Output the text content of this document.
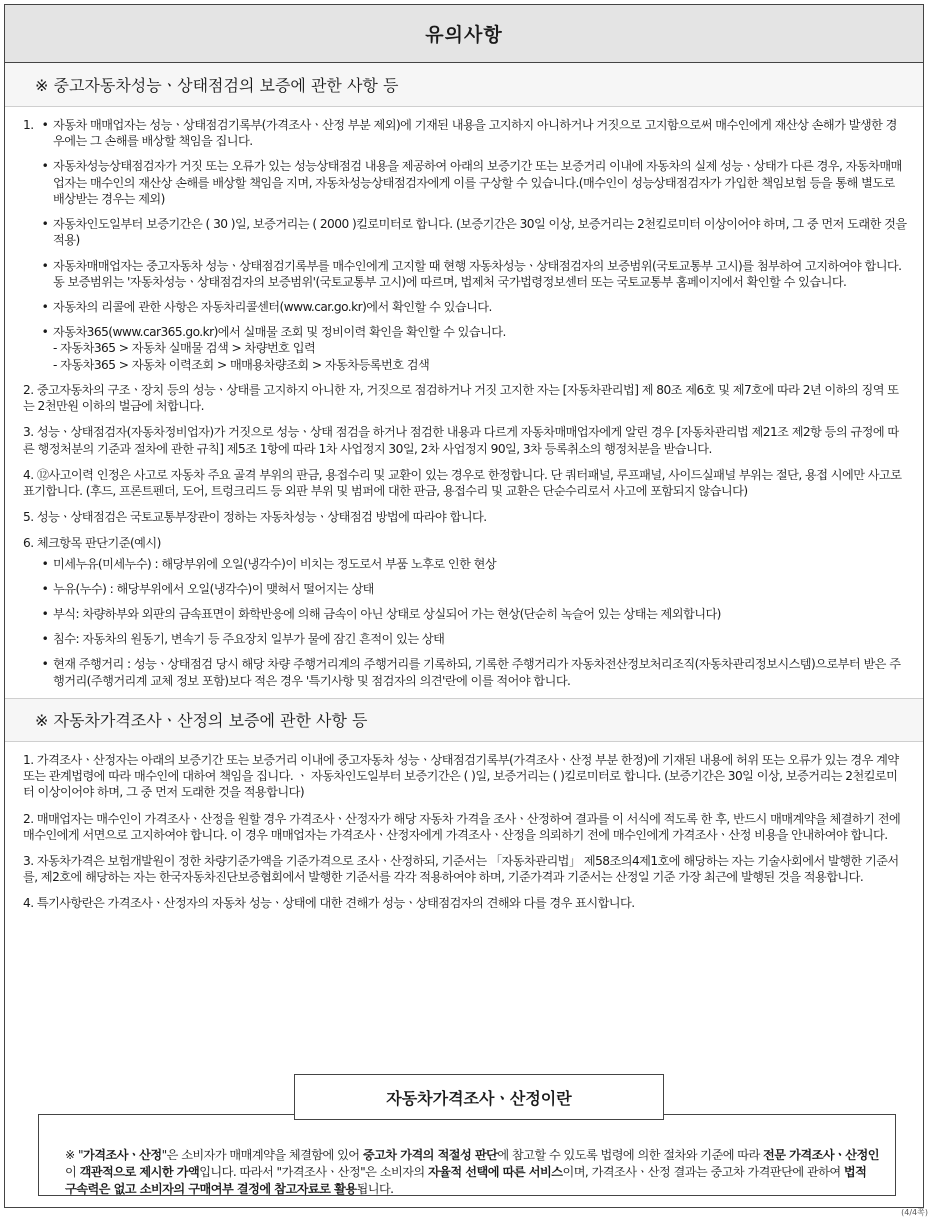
유의사항
※ 중고자동차성능ㆍ상태점검의 보증에 관한 사항 등
1. • 자동차 매매업자는 성능ㆍ상태점검기록부(가격조사ㆍ산정 부분 제외)에 기재된 내용을 고지하지 아니하거나 거짓으로 고지함으로써 매수인에게 재산상 손해가 발생한 경우에는 그 손해를 배상할 책임을 집니다.
• 자동차성능상태점검자가 거짓 또는 오류가 있는 성능상태점검 내용을 제공하여 아래의 보증기간 또는 보증거리 이내에 자동차의 실제 성능ㆍ상태가 다른 경우, 자동차매매업자는 매수인의 재산상 손해를 배상할 책임을 지며, 자동차성능상태점검자에게 이를 구상할 수 있습니다.(매수인이 성능상태점검자가 가입한 책임보험 등을 통해 별도로 배상받는 경우는 제외)
• 자동차인도일부터 보증기간은 ( 30 )일, 보증거리는 ( 2000 )킬로미터로 합니다. (보증기간은 30일 이상, 보증거리는 2천킬로미터 이상이어야 하며, 그 중 먼저 도래한 것을 적용)
• 자동차매매업자는 중고자동차 성능ㆍ상태점검기록부를 매수인에게 고지할 때 현행 자동차성능ㆍ상태점검자의 보증범위(국토교통부 고시)를 첨부하여 고지하여야 합니다. 동 보증범위는 '자동차성능ㆍ상태점검자의 보증범위'(국토교통부 고시)에 따르며, 법제처 국가법령정보센터 또는 국토교통부 홈페이지에서 확인할 수 있습니다.
• 자동차의 리콜에 관한 사항은 자동차리콜센터(www.car.go.kr)에서 확인할 수 있습니다.
• 자동차365(www.car365.go.kr)에서 실매물 조회 및 정비이력 확인을 확인할 수 있습니다.
- 자동차365 > 자동차 실매물 검색 > 차량번호 입력
- 자동차365 > 자동차 이력조회 > 매매용차량조회 > 자동차등록번호 검색
2. 중고자동차의 구조ㆍ장치 등의 성능ㆍ상태를 고지하지 아니한 자, 거짓으로 점검하거나 거짓 고지한 자는 [자동차관리법] 제 80조 제6호 및 제7호에 따라 2년 이하의 징역 또는 2천만원 이하의 벌금에 처합니다.
3. 성능ㆍ상태점검자(자동차정비업자)가 거짓으로 성능ㆍ상태 점검을 하거나 점검한 내용과 다르게 자동차매매업자에게 알린 경우 [자동차관리법 제21조 제2항 등의 규정에 따른 행정처분의 기준과 절차에 관한 규칙] 제5조 1항에 따라 1차 사업정지 30일, 2차 사업정지 90일, 3차 등록취소의 행정처분을 받습니다.
4. ⑫사고이력 인정은 사고로 자동차 주요 골격 부위의 판금, 용접수리 및 교환이 있는 경우로 한정합니다. 단 쿼터패널, 루프패널, 사이드실패널 부위는 절단, 용접 시에만 사고로 표기합니다. (후드, 프론트펜더, 도어, 트렁크리드 등 외판 부위 및 범퍼에 대한 판금, 용접수리 및 교환은 단순수리로서 사고에 포함되지 않습니다)
5. 성능ㆍ상태점검은 국토교통부장관이 정하는 자동차성능ㆍ상태점검 방법에 따라야 합니다.
6. 체크항목 판단기준(예시)
• 미세누유(미세누수) : 해당부위에 오일(냉각수)이 비치는 정도로서 부품 노후로 인한 현상
• 누유(누수) : 해당부위에서 오일(냉각수)이 맺혀서 떨어지는 상태
• 부식: 차량하부와 외판의 금속표면이 화학반응에 의해 금속이 아닌 상태로 상실되어 가는 현상(단순히 녹슬어 있는 상태는 제외합니다)
• 침수: 자동차의 원동기, 변속기 등 주요장치 일부가 물에 잠긴 흔적이 있는 상태
• 현재 주행거리 : 성능ㆍ상태점검 당시 해당 차량 주행거리계의 주행거리를 기록하되, 기록한 주행거리가 자동차전산정보처리조직(자동차관리정보시스템)으로부터 받은 주행거리(주행거리계 교체 정보 포함)보다 적은 경우 '특기사항 및 점검자의 의견'란에 이를 적어야 합니다.
※ 자동차가격조사ㆍ산정의 보증에 관한 사항 등
1. 가격조사ㆍ산정자는 아래의 보증기간 또는 보증거리 이내에 중고자동차 성능ㆍ상태점검기록부(가격조사ㆍ산정 부분 한정)에 기재된 내용에 허위 또는 오류가 있는 경우 계약 또는 관계법령에 따라 매수인에 대하여 책임을 집니다. ㆍ 자동차인도일부터 보증기간은 ( )일, 보증거리는 ( )킬로미터로 합니다. (보증기간은 30일 이상, 보증거리는 2천킬로미터 이상이어야 하며, 그 중 먼저 도래한 것을 적용합니다)
2. 매매업자는 매수인이 가격조사ㆍ산정을 원할 경우 가격조사ㆍ산정자가 해당 자동차 가격을 조사ㆍ산정하여 결과를 이 서식에 적도록 한 후, 반드시 매매계약을 체결하기 전에 매수인에게 서면으로 고지하여야 합니다. 이 경우 매매업자는 가격조사ㆍ산정자에게 가격조사ㆍ산정을 의뢰하기 전에 매수인에게 가격조사ㆍ산정 비용을 안내하여야 합니다.
3. 자동차가격은 보험개발원이 정한 차량기준가액을 기준가격으로 조사ㆍ산정하되, 기준서는 「자동차관리법」 제58조의4제1호에 해당하는 자는 기술사회에서 발행한 기준서를, 제2호에 해당하는 자는 한국자동차진단보증협회에서 발행한 기준서를 각각 적용하여야 하며, 기준가격과 기준서는 산정일 기준 가장 최근에 발행된 것을 적용합니다.
4. 특기사항란은 가격조사ㆍ산정자의 자동차 성능ㆍ상태에 대한 견해가 성능ㆍ상태점검자의 견해와 다를 경우 표시합니다.
※ "가격조사ㆍ산정"은 소비자가 매매계약을 체결함에 있어 중고차 가격의 적절성 판단에 참고할 수 있도록 법령에 의한 절차와 기준에 따라 전문 가격조사ㆍ산정인이 객관적으로 제시한 가액입니다. 따라서 "가격조사ㆍ산정"은 소비자의 자율적 선택에 따른 서비스이며, 가격조사ㆍ산정 결과는 중고차 가격판단에 관하여 법적 구속력은 없고 소비자의 구매여부 결정에 참고자료로 활용됩니다.
자동차가격조사ㆍ산정이란
(4/4쪽)
